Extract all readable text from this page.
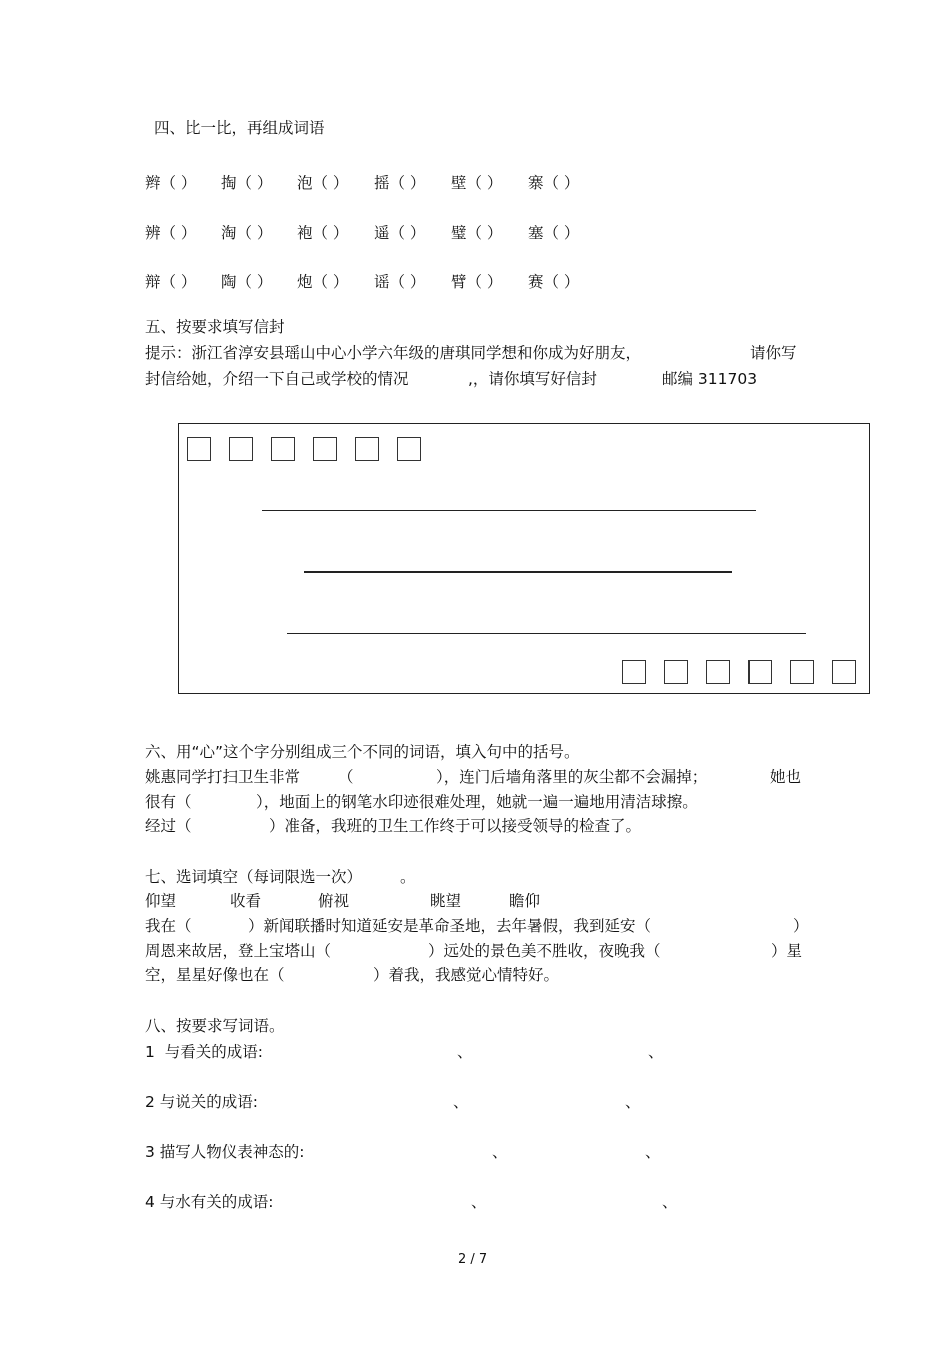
四、比一比，再组成词语
辫（ ） 掏（ ） 泡（ ） 摇（ ） 壁（ ） 寨（ ）
辨（ ） 淘（ ） 袍（ ） 遥（ ） 璧（ ） 塞（ ）
辩（ ） 陶（ ） 炮（ ） 谣（ ） 臂（ ） 赛（ ）
五、按要求填写信封
提示：浙江省淳安县瑶山中心小学六年级的唐琪同学想和你成为好朋友，	请你写
封信给她，介绍一下自己或学校的情况	,，请你填写好信封	邮编 311703
六、用“心”这个字分别组成三个不同的词语，填入句中的括号。
姚惠同学打扫卫生非常 （	），连门后墙角落里的灰尘都不会漏掉；	她也
很有（	），地面上的钢笔水印迹很难处理，她就一遍一遍地用清洁球擦。
经过（	）准备，我班的卫生工作终于可以接受领导的检查了。
七、选词填空（每词限选一次） 。
仰望	收看	俯视	眺望	瞻仰
我在（	）新闻联播时知道延安是革命圣地，去年暑假，我到延安（	）
周恩来故居，登上宝塔山（	）远处的景色美不胜收，夜晚我（	）星
空，星星好像也在（	）着我，我感觉心情特好。
八、按要求写词语。
1  与看关的成语:	、	、
2 与说关的成语:	、	、
3 描写人物仪表神态的:	、	、
4 与水有关的成语:	、	、
2 / 7
